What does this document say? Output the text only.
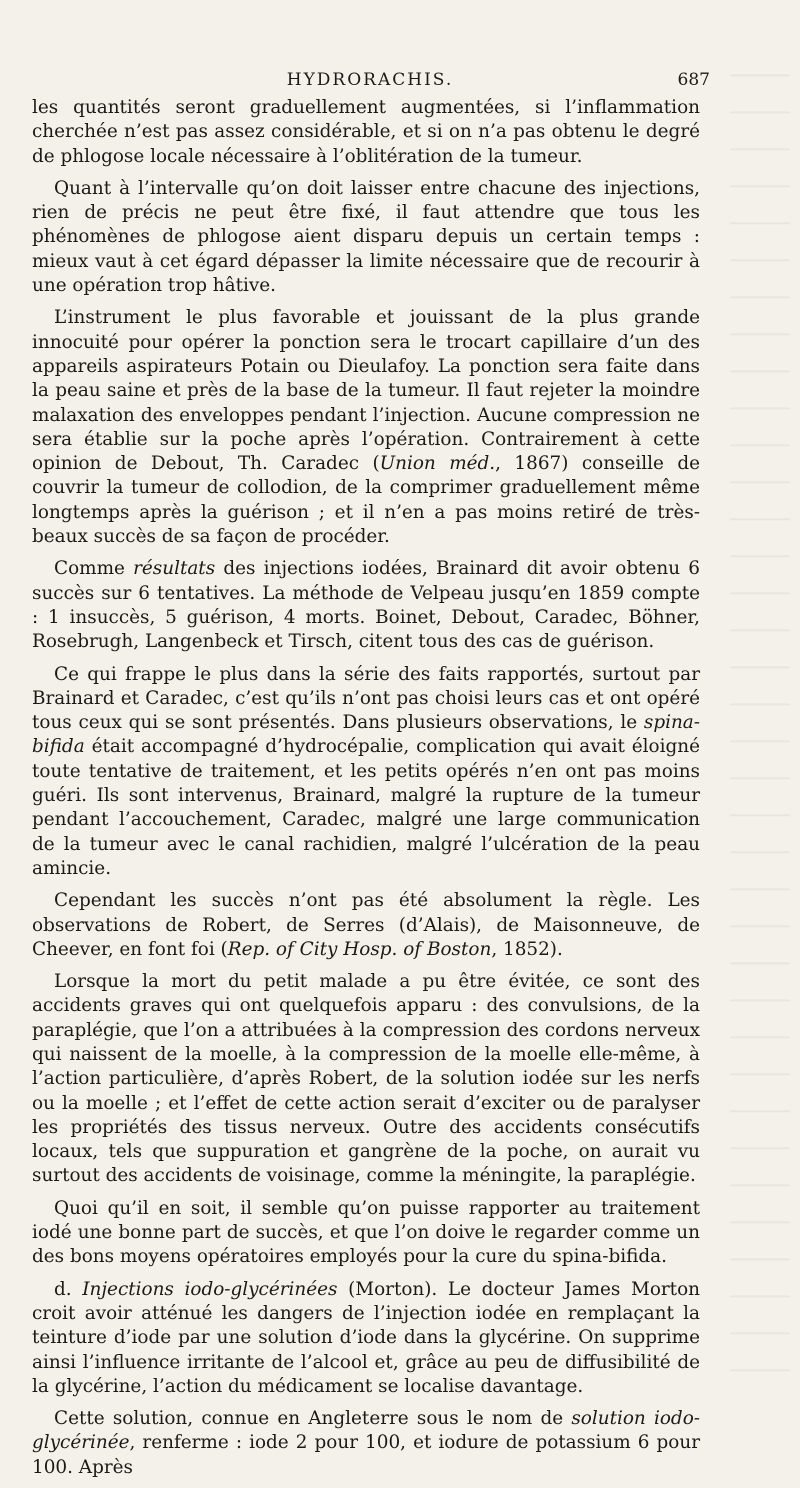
HYDRORACHIS.	687

les quantités seront graduellement augmentées, si l’inflammation cherchée n’est pas assez considérable, et si on n’a pas obtenu le degré de phlogose locale nécessaire à l’oblitération de la tumeur.

Quant à l’intervalle qu’on doit laisser entre chacune des injections, rien de précis ne peut être fixé, il faut attendre que tous les phénomènes de phlogose aient disparu depuis un certain temps : mieux vaut à cet égard dépasser la limite nécessaire que de recourir à une opération trop hâtive.

L’instrument le plus favorable et jouissant de la plus grande innocuité pour opérer la ponction sera le trocart capillaire d’un des appareils aspirateurs Potain ou Dieulafoy. La ponction sera faite dans la peau saine et près de la base de la tumeur. Il faut rejeter la moindre malaxation des enveloppes pendant l’injection. Aucune compression ne sera établie sur la poche après l’opération. Contrairement à cette opinion de Debout, Th. Caradec (Union méd., 1867) conseille de couvrir la tumeur de collodion, de la comprimer graduellement même longtemps après la guérison ; et il n’en a pas moins retiré de très-beaux succès de sa façon de procéder.

Comme résultats des injections iodées, Brainard dit avoir obtenu 6 succès sur 6 tentatives. La méthode de Velpeau jusqu’en 1859 compte : 1 insuccès, 5 guérison, 4 morts. Boinet, Debout, Caradec, Böhner, Rosebrugh, Langenbeck et Tirsch, citent tous des cas de guérison.

Ce qui frappe le plus dans la série des faits rapportés, surtout par Brainard et Caradec, c’est qu’ils n’ont pas choisi leurs cas et ont opéré tous ceux qui se sont présentés. Dans plusieurs observations, le spina-bifida était accompagné d’hydrocépalie, complication qui avait éloigné toute tentative de traitement, et les petits opérés n’en ont pas moins guéri. Ils sont intervenus, Brainard, malgré la rupture de la tumeur pendant l’accouchement, Caradec, malgré une large communication de la tumeur avec le canal rachidien, malgré l’ulcération de la peau amincie.

Cependant les succès n’ont pas été absolument la règle. Les observations de Robert, de Serres (d’Alais), de Maisonneuve, de Cheever, en font foi (Rep. of City Hosp. of Boston, 1852).

Lorsque la mort du petit malade a pu être évitée, ce sont des accidents graves qui ont quelquefois apparu : des convulsions, de la paraplégie, que l’on a attribuées à la compression des cordons nerveux qui naissent de la moelle, à la compression de la moelle elle-même, à l’action particulière, d’après Robert, de la solution iodée sur les nerfs ou la moelle ; et l’effet de cette action serait d’exciter ou de paralyser les propriétés des tissus nerveux. Outre des accidents consécutifs locaux, tels que suppuration et gangrène de la poche, on aurait vu surtout des accidents de voisinage, comme la méningite, la paraplégie.

Quoi qu’il en soit, il semble qu’on puisse rapporter au traitement iodé une bonne part de succès, et que l’on doive le regarder comme un des bons moyens opératoires employés pour la cure du spina-bifida.

d. Injections iodo-glycérinées (Morton). Le docteur James Morton croit avoir atténué les dangers de l’injection iodée en remplaçant la teinture d’iode par une solution d’iode dans la glycérine. On supprime ainsi l’influence irritante de l’alcool et, grâce au peu de diffusibilité de la glycérine, l’action du médicament se localise davantage.

Cette solution, connue en Angleterre sous le nom de solution iodo-glycérinée, renferme : iode 2 pour 100, et iodure de potassium 6 pour 100. Après
